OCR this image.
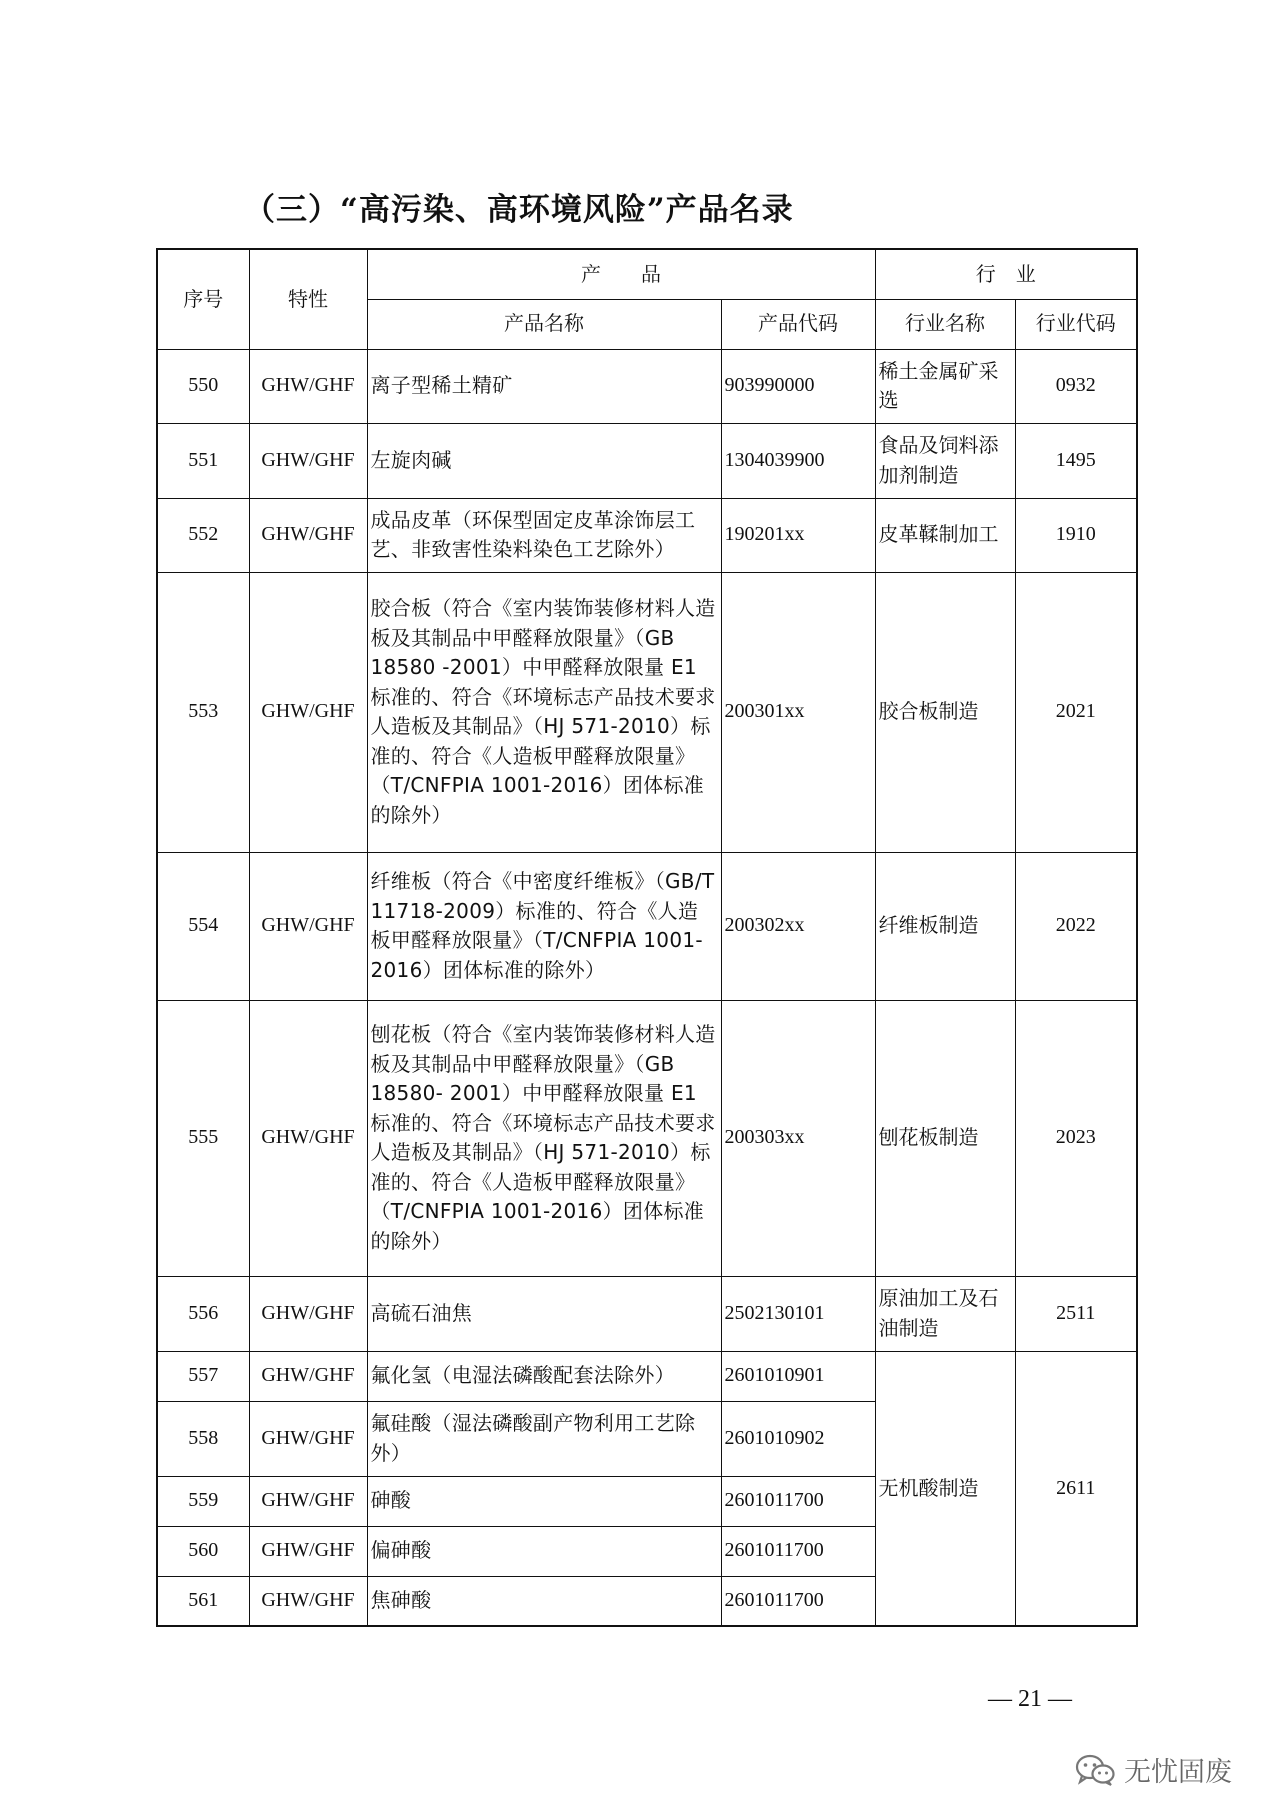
（三）“高污染、高环境风险”产品名录
序号	特性	产　　品		行　业	
		产品名称	产品代码	行业名称	行业代码
550	GHW/GHF	离子型稀土精矿	903990000	稀土金属矿采选	0932
551	GHW/GHF	左旋肉碱	1304039900	食品及饲料添加剂制造	1495
552	GHW/GHF	成品皮革（环保型固定皮革涂饰层工艺、非致害性染料染色工艺除外）	190201xx	皮革鞣制加工	1910
553	GHW/GHF	胶合板（符合《室内装饰装修材料人造板及其制品中甲醛释放限量》（GB 18580 -2001）中甲醛释放限量 E1 标准的、符合《环境标志产品技术要求人造板及其制品》（HJ 571-2010）标准的、符合《人造板甲醛释放限量》（T/CNFPIA 1001-2016）团体标准的除外）	200301xx	胶合板制造	2021
554	GHW/GHF	纤维板（符合《中密度纤维板》（GB/T 11718-2009）标准的、符合《人造板甲醛释放限量》（T/CNFPIA 1001-2016）团体标准的除外）	200302xx	纤维板制造	2022
555	GHW/GHF	刨花板（符合《室内装饰装修材料人造板及其制品中甲醛释放限量》（GB 18580- 2001）中甲醛释放限量 E1 标准的、符合《环境标志产品技术要求人造板及其制品》（HJ 571-2010）标准的、符合《人造板甲醛释放限量》（T/CNFPIA 1001-2016）团体标准的除外）	200303xx	刨花板制造	2023
556	GHW/GHF	高硫石油焦	2502130101	原油加工及石油制造	2511
557	GHW/GHF	氟化氢（电湿法磷酸配套法除外）	2601010901	无机酸制造	2611
558	GHW/GHF	氟硅酸（湿法磷酸副产物利用工艺除外）	2601010902		
559	GHW/GHF	砷酸	2601011700		
560	GHW/GHF	偏砷酸	2601011700		
561	GHW/GHF	焦砷酸	2601011700		
— 21 —
无忧固废
